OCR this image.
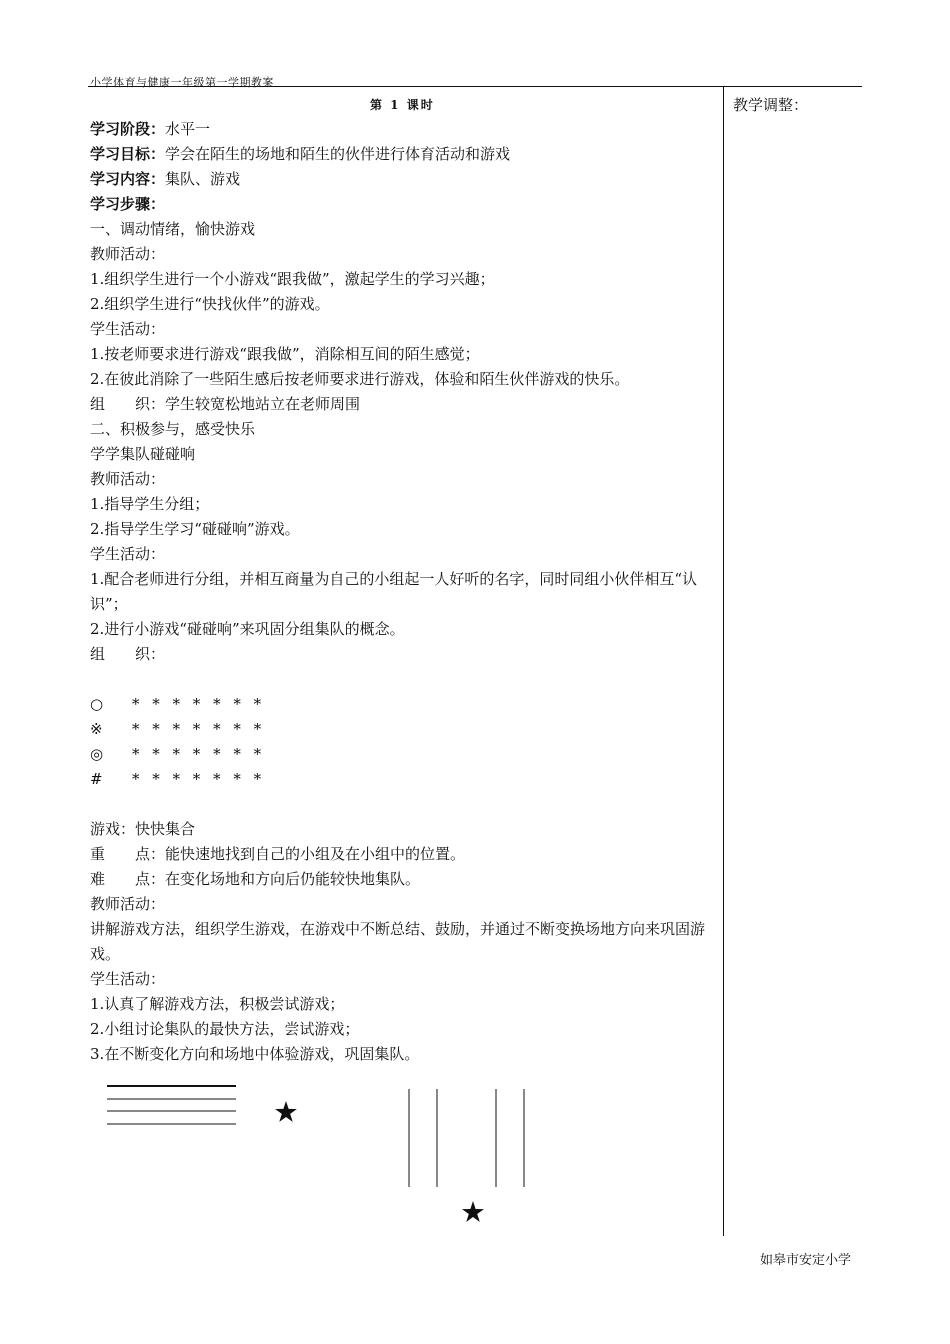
小学体育与健康一年级第一学期教案
教学调整：
第 1 课时
学习阶段：水平一
学习目标：学会在陌生的场地和陌生的伙伴进行体育活动和游戏
学习内容：集队、游戏
学习步骤：
一、调动情绪，愉快游戏
教师活动：
1.组织学生进行一个小游戏“跟我做”，激起学生的学习兴趣；
2.组织学生进行“快找伙伴”的游戏。
学生活动：
1.按老师要求进行游戏“跟我做”，消除相互间的陌生感觉；
2.在彼此消除了一些陌生感后按老师要求进行游戏，体验和陌生伙伴游戏的快乐。
组　　织：学生较宽松地站立在老师周围
二、积极参与，感受快乐
学学集队碰碰响
教师活动：
1.指导学生分组；
2.指导学生学习“碰碰响”游戏。
学生活动：
1.配合老师进行分组，并相互商量为自己的小组起一人好听的名字，同时同组小伙伴相互“认识”；
2.进行小游戏“碰碰响”来巩固分组集队的概念。
组　　织：
○ * * * * * * *
※ * * * * * * *
◎ * * * * * * *
# * * * * * * *
游戏：快快集合
重　　点：能快速地找到自己的小组及在小组中的位置。
难　　点：在变化场地和方向后仍能较快地集队。
教师活动：
讲解游戏方法，组织学生游戏，在游戏中不断总结、鼓励，并通过不断变换场地方向来巩固游戏。
学生活动：
1.认真了解游戏方法，积极尝试游戏；
2.小组讨论集队的最快方法，尝试游戏；
3.在不断变化方向和场地中体验游戏，巩固集队。
如皋市安定小学
